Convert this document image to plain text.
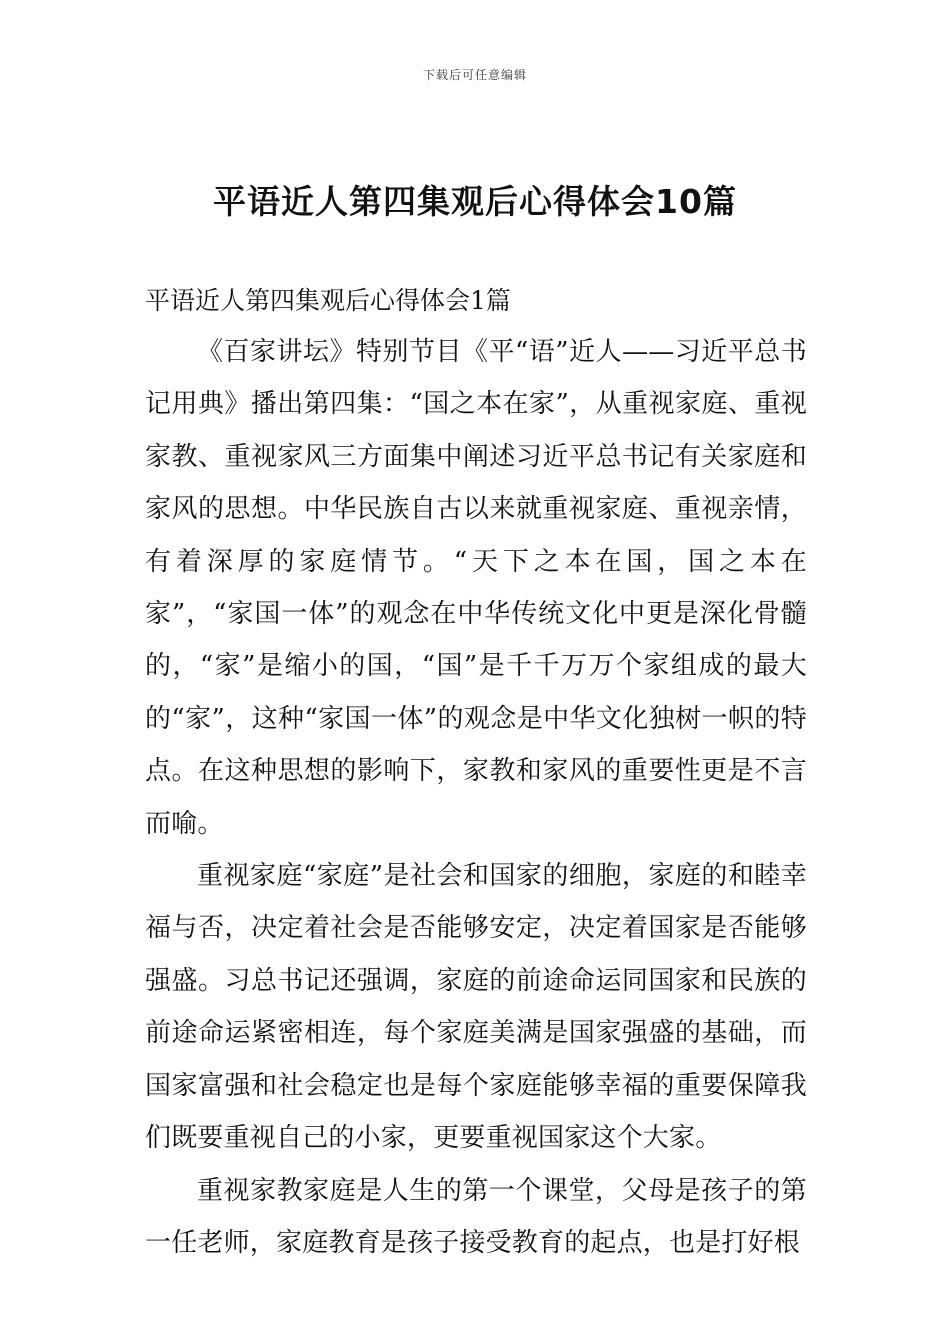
下载后可任意编辑
平语近人第四集观后心得体会10篇

平语近人第四集观后心得体会1篇

《百家讲坛》特别节目《平“语”近人——习近平总书记用典》播出第四集：“国之本在家”，从重视家庭、重视家教、重视家风三方面集中阐述习近平总书记有关家庭和家风的思想。中华民族自古以来就重视家庭、重视亲情，有着深厚的家庭情节。“天下之本在国，国之本在家”，“家国一体”的观念在中华传统文化中更是深化骨髓的，“家”是缩小的国，“国”是千千万万个家组成的最大的“家”，这种“家国一体”的观念是中华文化独树一帜的特点。在这种思想的影响下，家教和家风的重要性更是不言而喻。

重视家庭“家庭”是社会和国家的细胞，家庭的和睦幸福与否，决定着社会是否能够安定，决定着国家是否能够强盛。习总书记还强调，家庭的前途命运同国家和民族的前途命运紧密相连，每个家庭美满是国家强盛的基础，而国家富强和社会稳定也是每个家庭能够幸福的重要保障我们既要重视自己的小家，更要重视国家这个大家。

重视家教家庭是人生的第一个课堂，父母是孩子的第一任老师，家庭教育是孩子接受教育的起点，也是打好根
